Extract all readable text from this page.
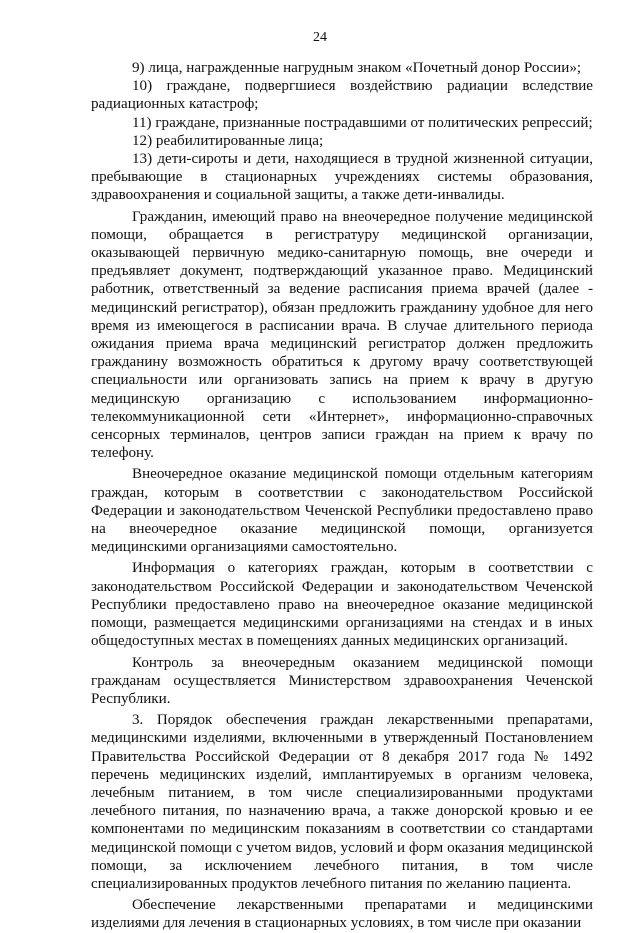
24

9) лица, награжденные нагрудным знаком «Почетный донор России»;

10) граждане, подвергшиеся воздействию радиации вследствие радиационных катастроф;

11) граждане, признанные пострадавшими от политических репрессий;

12) реабилитированные лица;

13) дети-сироты и дети, находящиеся в трудной жизненной ситуации, пребывающие в стационарных учреждениях системы образования, здравоохранения и социальной защиты, а также дети-инвалиды.

Гражданин, имеющий право на внеочередное получение медицинской помощи, обращается в регистратуру медицинской организации, оказывающей первичную медико-санитарную помощь, вне очереди и предъявляет документ, подтверждающий указанное право. Медицинский работник, ответственный за ведение расписания приема врачей (далее - медицинский регистратор), обязан предложить гражданину удобное для него время из имеющегося в расписании врача. В случае длительного периода ожидания приема врача медицинский регистратор должен предложить гражданину возможность обратиться к другому врачу соответствующей специальности или организовать запись на прием к врачу в другую медицинскую организацию с использованием информационно-телекоммуникационной сети «Интернет», информационно-справочных сенсорных терминалов, центров записи граждан на прием к врачу по телефону.

Внеочередное оказание медицинской помощи отдельным категориям граждан, которым в соответствии с законодательством Российской Федерации и законодательством Чеченской Республики предоставлено право на внеочередное оказание медицинской помощи, организуется медицинскими организациями самостоятельно.

Информация о категориях граждан, которым в соответствии с законодательством Российской Федерации и законодательством Чеченской Республики предоставлено право на внеочередное оказание медицинской помощи, размещается медицинскими организациями на стендах и в иных общедоступных местах в помещениях данных медицинских организаций.

Контроль за внеочередным оказанием медицинской помощи гражданам осуществляется Министерством здравоохранения Чеченской Республики.

3. Порядок обеспечения граждан лекарственными препаратами, медицинскими изделиями, включенными в утвержденный Постановлением Правительства Российской Федерации от 8 декабря 2017 года № 1492 перечень медицинских изделий, имплантируемых в организм человека, лечебным питанием, в том числе специализированными продуктами лечебного питания, по назначению врача, а также донорской кровью и ее компонентами по медицинским показаниям в соответствии со стандартами медицинской помощи с учетом видов, условий и форм оказания медицинской помощи, за исключением лечебного питания, в том числе специализированных продуктов лечебного питания по желанию пациента.

Обеспечение лекарственными препаратами и медицинскими изделиями для лечения в стационарных условиях, в том числе при оказании
